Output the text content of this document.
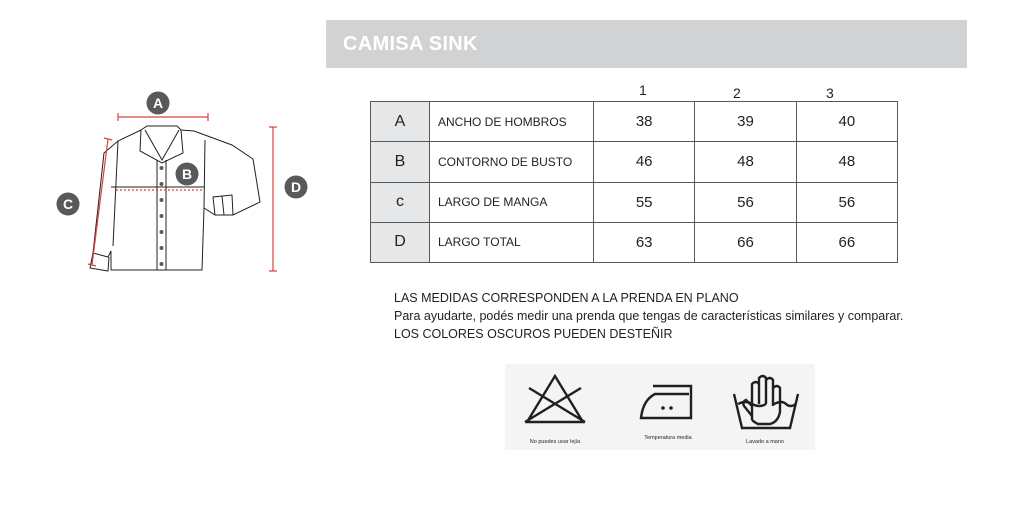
CAMISA SINK
A
B
C
D
1	2	3
A	ANCHO DE HOMBROS	38	39	40
B	CONTORNO DE BUSTO	46	48	48
c	LARGO DE MANGA	55	56	56
D	LARGO TOTAL	63	66	66
LAS MEDIDAS CORRESPONDEN A LA PRENDA EN PLANO
Para ayudarte, podés medir una prenda que tengas de características similares y comparar.
LOS COLORES OSCUROS PUEDEN DESTEÑIR
No puedes usar lejía
Temperatura media
Lavado a mano
